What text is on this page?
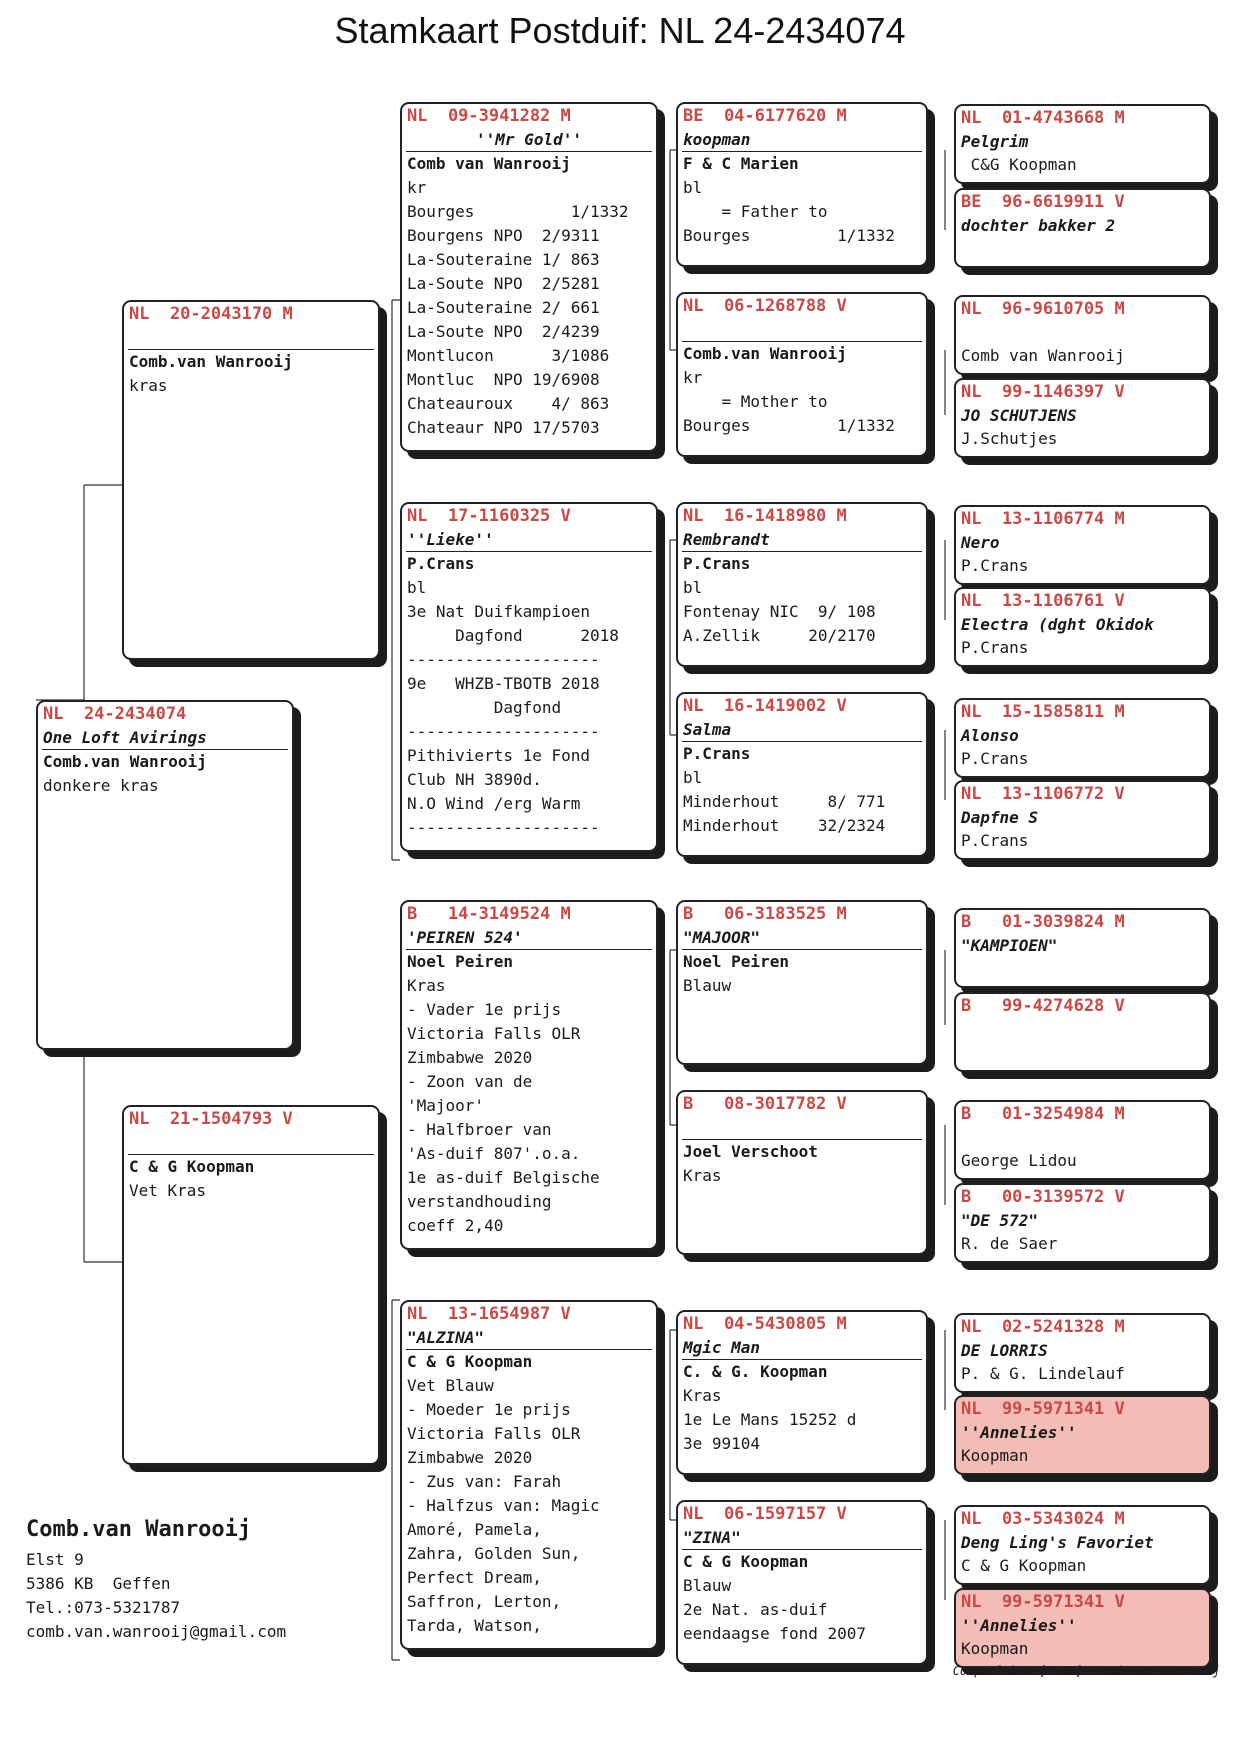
Stamkaart Postduif: NL 24-2434074
NL  24-2434074
One Loft Avirings
Comb.van Wanrooij
donkere kras
NL  20-2043170 M
Comb.van Wanrooij
kras
NL  21-1504793 V
C & G Koopman
Vet Kras
NL  09-3941282 M
''Mr Gold''
Comb van Wanrooij
kr
Bourges          1/1332
Bourgens NPO  2/9311
La-Souteraine 1/ 863
La-Soute NPO  2/5281
La-Souteraine 2/ 661
La-Soute NPO  2/4239
Montlucon      3/1086
Montluc  NPO 19/6908
Chateauroux    4/ 863
Chateaur NPO 17/5703
NL  17-1160325 V
''Lieke''
P.Crans
bl
3e Nat Duifkampioen
Dagfond      2018
--------------------
9e   WHZB-TBOTB 2018
Dagfond
--------------------
Pithivierts 1e Fond
Club NH 3890d.
N.O Wind /erg Warm
--------------------
B   14-3149524 M
'PEIREN 524'
Noel Peiren
Kras
- Vader 1e prijs
Victoria Falls OLR
Zimbabwe 2020
- Zoon van de
'Majoor'
- Halfbroer van
'As-duif 807'.o.a.
1e as-duif Belgische
verstandhouding
coeff 2,40
NL  13-1654987 V
"ALZINA"
C & G Koopman
Vet Blauw
- Moeder 1e prijs
Victoria Falls OLR
Zimbabwe 2020
- Zus van: Farah
- Halfzus van: Magic
Amoré, Pamela,
Zahra, Golden Sun,
Perfect Dream,
Saffron, Lerton,
Tarda, Watson,
BE  04-6177620 M
koopman
F & C Marien
bl
= Father to
Bourges         1/1332
NL  06-1268788 V
Comb.van Wanrooij
kr
= Mother to
Bourges         1/1332
NL  16-1418980 M
Rembrandt
P.Crans
bl
Fontenay NIC  9/ 108
A.Zellik     20/2170
NL  16-1419002 V
Salma
P.Crans
bl
Minderhout     8/ 771
Minderhout    32/2324
B   06-3183525 M
"MAJOOR"
Noel Peiren
Blauw
B   08-3017782 V
Joel Verschoot
Kras
NL  04-5430805 M
Mgic Man
C. & G. Koopman
Kras
1e Le Mans 15252 d
3e 99104
NL  06-1597157 V
"ZINA"
C & G Koopman
Blauw
2e Nat. as-duif
eendaagse fond 2007
NL  01-4743668 M
Pelgrim
C&G Koopman
BE  96-6619911 V
dochter bakker 2
NL  96-9610705 M
Comb van Wanrooij
NL  99-1146397 V
JO SCHUTJENS
J.Schutjes
NL  13-1106774 M
Nero
P.Crans
NL  13-1106761 V
Electra (dght Okidok
P.Crans
NL  15-1585811 M
Alonso
P.Crans
NL  13-1106772 V
Dapfne S
P.Crans
B   01-3039824 M
"KAMPIOEN"
B   99-4274628 V
B   01-3254984 M
George Lidou
B   00-3139572 V
"DE 572"
R. de Saer
NL  02-5241328 M
DE LORRIS
P. & G. Lindelauf
NL  99-5971341 V
''Annelies''
Koopman
NL  03-5343024 M
Deng Ling's Favoriet
C & G Koopman
NL  99-5971341 V
''Annelies''
Koopman
Comb.van Wanrooij
Elst 9
5386 KB  Geffen
Tel.:073-5321787
comb.van.wanrooij@gmail.com
Compuclub © [9.46]  Comb.van Wanrooij
